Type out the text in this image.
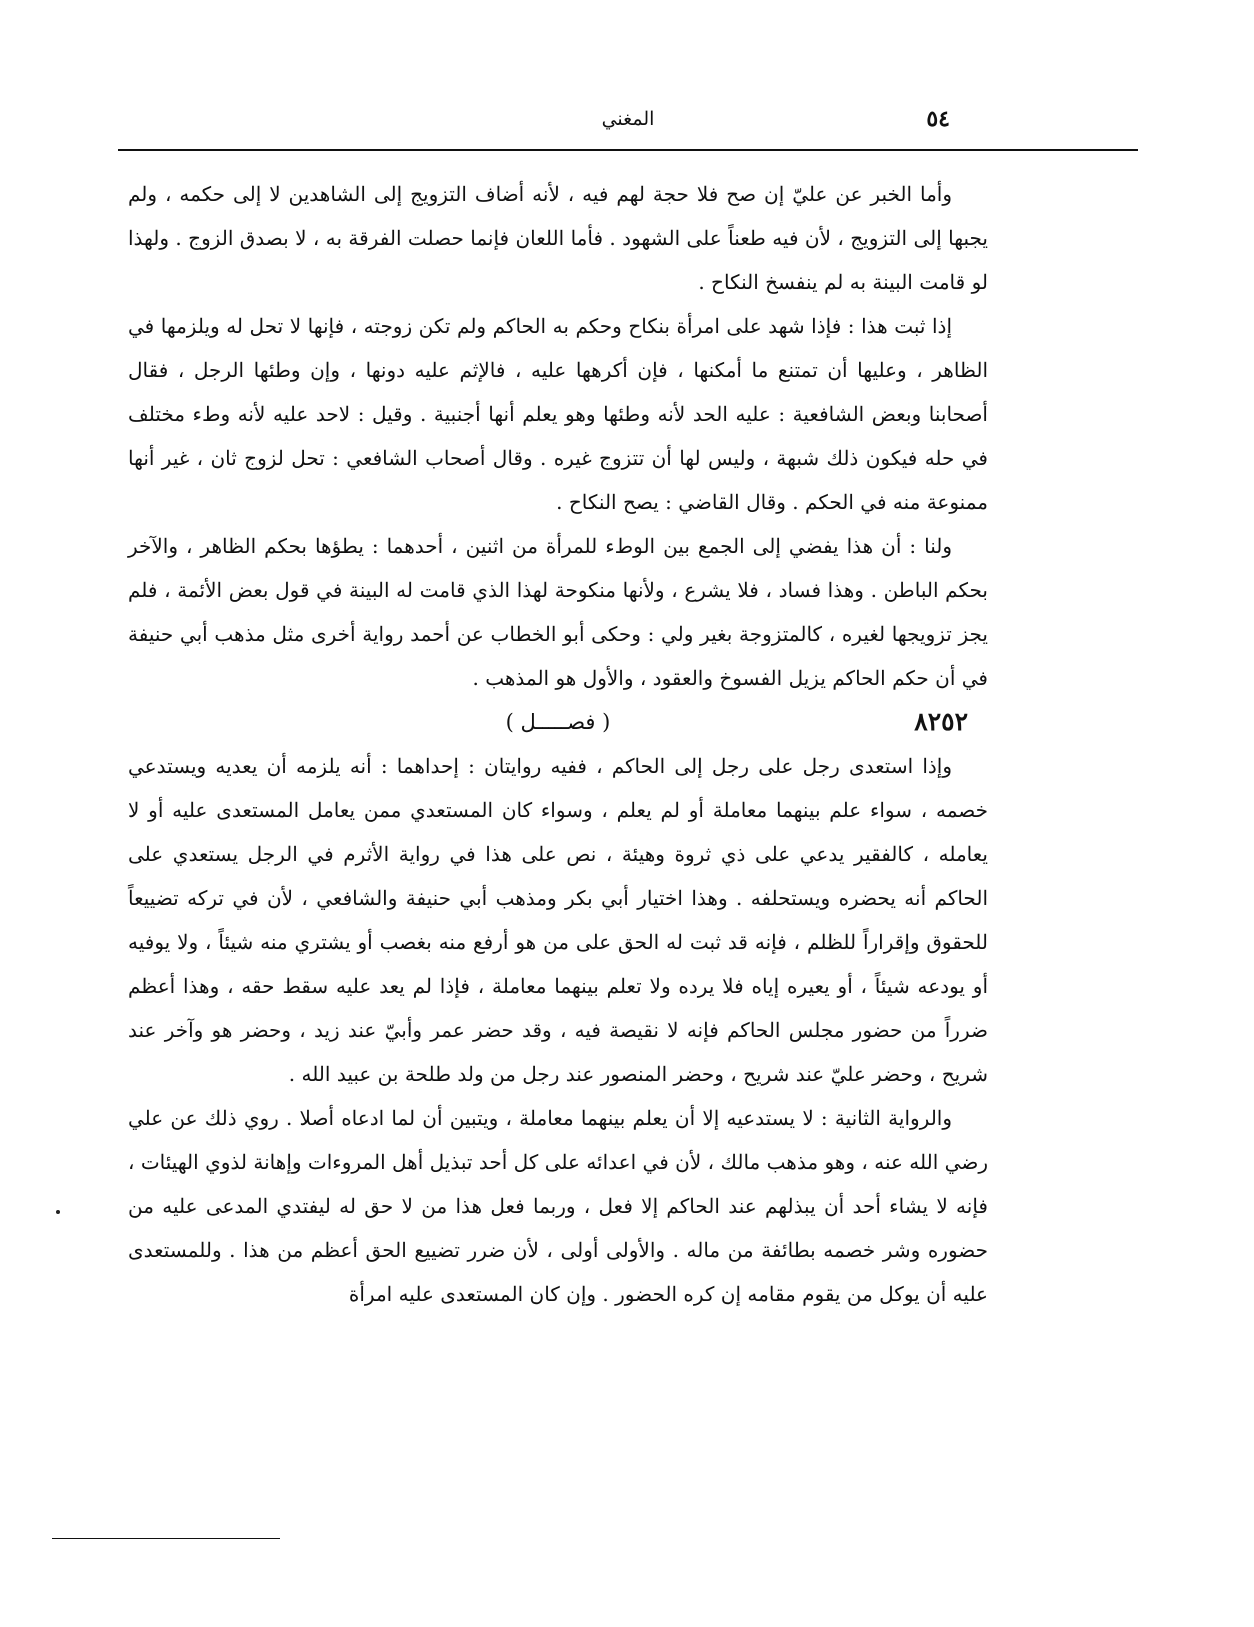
٥٤
المغني

وأما الخبر عن عليّ إن صح فلا حجة لهم فيه ، لأنه أضاف التزويج إلى الشاهدين لا إلى حكمه ، ولم يجبها إلى التزويج ، لأن فيه طعناً على الشهود . فأما اللعان فإنما حصلت الفرقة به ، لا بصدق الزوج . ولهذا لو قامت البينة به لم ينفسخ النكاح .

إذا ثبت هذا : فإذا شهد على امرأة بنكاح وحكم به الحاكم ولم تكن زوجته ، فإنها لا تحل له ويلزمها في الظاهر ، وعليها أن تمتنع ما أمكنها ، فإن أكرهها عليه ، فالإثم عليه دونها ، وإن وطئها الرجل ، فقال أصحابنا وبعض الشافعية : عليه الحد لأنه وطئها وهو يعلم أنها أجنبية . وقيل : لاحد عليه لأنه وطء مختلف في حله فيكون ذلك شبهة ، وليس لها أن تتزوج غيره . وقال أصحاب الشافعي : تحل لزوج ثان ، غير أنها ممنوعة منه في الحكم . وقال القاضي : يصح النكاح .

ولنا : أن هذا يفضي إلى الجمع بين الوطء للمرأة من اثنين ، أحدهما : يطؤها بحكم الظاهر ، والآخر بحكم الباطن . وهذا فساد ، فلا يشرع ، ولأنها منكوحة لهذا الذي قامت له البينة في قول بعض الأئمة ، فلم يجز تزويجها لغيره ، كالمتزوجة بغير ولي : وحكى أبو الخطاب عن أحمد رواية أخرى مثل مذهب أبي حنيفة في أن حكم الحاكم يزيل الفسوخ والعقود ، والأول هو المذهب .

٨٢٥٢
( فصـــــل )

وإذا استعدى رجل على رجل إلى الحاكم ، ففيه روايتان : إحداهما : أنه يلزمه أن يعديه ويستدعي خصمه ، سواء علم بينهما معاملة أو لم يعلم ، وسواء كان المستعدي ممن يعامل المستعدى عليه أو لا يعامله ، كالفقير يدعي على ذي ثروة وهيئة ، نص على هذا في رواية الأثرم في الرجل يستعدي على الحاكم أنه يحضره ويستحلفه . وهذا اختيار أبي بكر ومذهب أبي حنيفة والشافعي ، لأن في تركه تضييعاً للحقوق وإقراراً للظلم ، فإنه قد ثبت له الحق على من هو أرفع منه بغصب أو يشتري منه شيئاً ، ولا يوفيه أو يودعه شيئاً ، أو يعيره إياه فلا يرده ولا تعلم بينهما معاملة ، فإذا لم يعد عليه سقط حقه ، وهذا أعظم ضرراً من حضور مجلس الحاكم فإنه لا نقيصة فيه ، وقد حضر عمر وأبيّ عند زيد ، وحضر هو وآخر عند شريح ، وحضر عليّ عند شريح ، وحضر المنصور عند رجل من ولد طلحة بن عبيد الله .

والرواية الثانية : لا يستدعيه إلا أن يعلم بينهما معاملة ، ويتبين أن لما ادعاه أصلا . روي ذلك عن علي رضي الله عنه ، وهو مذهب مالك ، لأن في اعدائه على كل أحد تبذيل أهل المروءات وإهانة لذوي الهيئات ، فإنه لا يشاء أحد أن يبذلهم عند الحاكم إلا فعل ، وربما فعل هذا من لا حق له ليفتدي المدعى عليه من حضوره وشر خصمه بطائفة من ماله . والأولى أولى ، لأن ضرر تضييع الحق أعظم من هذا . وللمستعدى عليه أن يوكل من يقوم مقامه إن كره الحضور . وإن كان المستعدى عليه امرأة
